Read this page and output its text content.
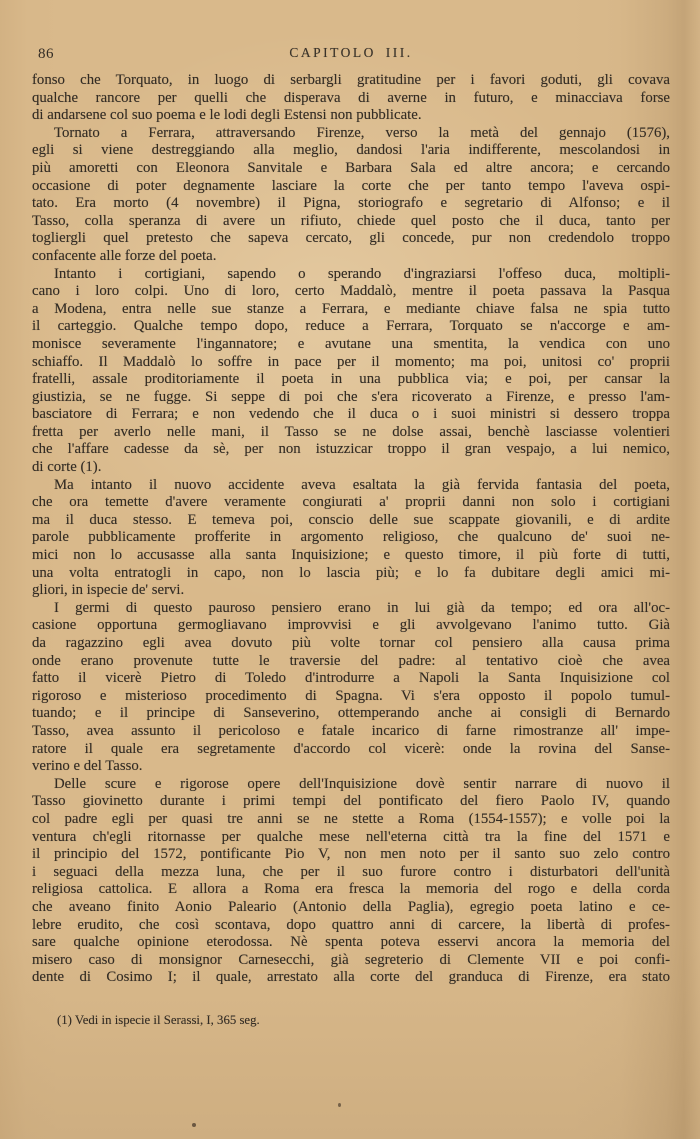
86	CAPITOLO III.

fonso che Torquato, in luogo di serbargli gratitudine per i favori goduti, gli covava
qualche rancore per quelli che disperava di averne in futuro, e minacciava forse
di andarsene col suo poema e le lodi degli Estensi non pubblicate.

Tornato a Ferrara, attraversando Firenze, verso la metà del gennajo (1576),
egli si viene destreggiando alla meglio, dandosi l'aria indifferente, mescolandosi in
più amoretti con Eleonora Sanvitale e Barbara Sala ed altre ancora; e cercando
occasione di poter degnamente lasciare la corte che per tanto tempo l'aveva ospi-
tato. Era morto (4 novembre) il Pigna, storiografo e segretario di Alfonso; e il
Tasso, colla speranza di avere un rifiuto, chiede quel posto che il duca, tanto per
togliergli quel pretesto che sapeva cercato, gli concede, pur non credendolo troppo
confacente alle forze del poeta.

Intanto i cortigiani, sapendo o sperando d'ingraziarsi l'offeso duca, moltipli-
cano i loro colpi. Uno di loro, certo Maddalò, mentre il poeta passava la Pasqua
a Modena, entra nelle sue stanze a Ferrara, e mediante chiave falsa ne spia tutto
il carteggio. Qualche tempo dopo, reduce a Ferrara, Torquato se n'accorge e am-
monisce severamente l'ingannatore; e avutane una smentita, la vendica con uno
schiaffo. Il Maddalò lo soffre in pace per il momento; ma poi, unitosi co' proprii
fratelli, assale proditoriamente il poeta in una pubblica via; e poi, per cansar la
giustizia, se ne fugge. Si seppe di poi che s'era ricoverato a Firenze, e presso l'am-
basciatore di Ferrara; e non vedendo che il duca o i suoi ministri si dessero troppa
fretta per averlo nelle mani, il Tasso se ne dolse assai, benchè lasciasse volentieri
che l'affare cadesse da sè, per non istuzzicar troppo il gran vespajo, a lui nemico,
di corte (1).

Ma intanto il nuovo accidente aveva esaltata la già fervida fantasia del poeta,
che ora temette d'avere veramente congiurati a' proprii danni non solo i cortigiani
ma il duca stesso. E temeva poi, conscio delle sue scappate giovanili, e di ardite
parole pubblicamente profferite in argomento religioso, che qualcuno de' suoi ne-
mici non lo accusasse alla santa Inquisizione; e questo timore, il più forte di tutti,
una volta entratogli in capo, non lo lascia più; e lo fa dubitare degli amici mi-
gliori, in ispecie de' servi.

I germi di questo pauroso pensiero erano in lui già da tempo; ed ora all'oc-
casione opportuna germogliavano improvvisi e gli avvolgevano l'animo tutto. Già
da ragazzino egli avea dovuto più volte tornar col pensiero alla causa prima
onde erano provenute tutte le traversie del padre: al tentativo cioè che avea
fatto il vicerè Pietro di Toledo d'introdurre a Napoli la Santa Inquisizione col
rigoroso e misterioso procedimento di Spagna. Vi s'era opposto il popolo tumul-
tuando; e il principe di Sanseverino, ottemperando anche ai consigli di Bernardo
Tasso, avea assunto il pericoloso e fatale incarico di farne rimostranze all' impe-
ratore il quale era segretamente d'accordo col vicerè: onde la rovina del Sanse-
verino e del Tasso.

Delle scure e rigorose opere dell'Inquisizione dovè sentir narrare di nuovo il
Tasso giovinetto durante i primi tempi del pontificato del fiero Paolo IV, quando
col padre egli per quasi tre anni se ne stette a Roma (1554-1557); e volle poi la
ventura ch'egli ritornasse per qualche mese nell'eterna città tra la fine del 1571 e
il principio del 1572, pontificante Pio V, non men noto per il santo suo zelo contro
i seguaci della mezza luna, che per il suo furore contro i disturbatori dell'unità
religiosa cattolica. E allora a Roma era fresca la memoria del rogo e della corda
che aveano finito Aonio Paleario (Antonio della Paglia), egregio poeta latino e ce-
lebre erudito, che così scontava, dopo quattro anni di carcere, la libertà di profes-
sare qualche opinione eterodossa. Nè spenta poteva esservi ancora la memoria del
misero caso di monsignor Carnesecchi, già segreterio di Clemente VII e poi confi-
dente di Cosimo I; il quale, arrestato alla corte del granduca di Firenze, era stato

(1) Vedi in ispecie il Serassi, I, 365 seg.
